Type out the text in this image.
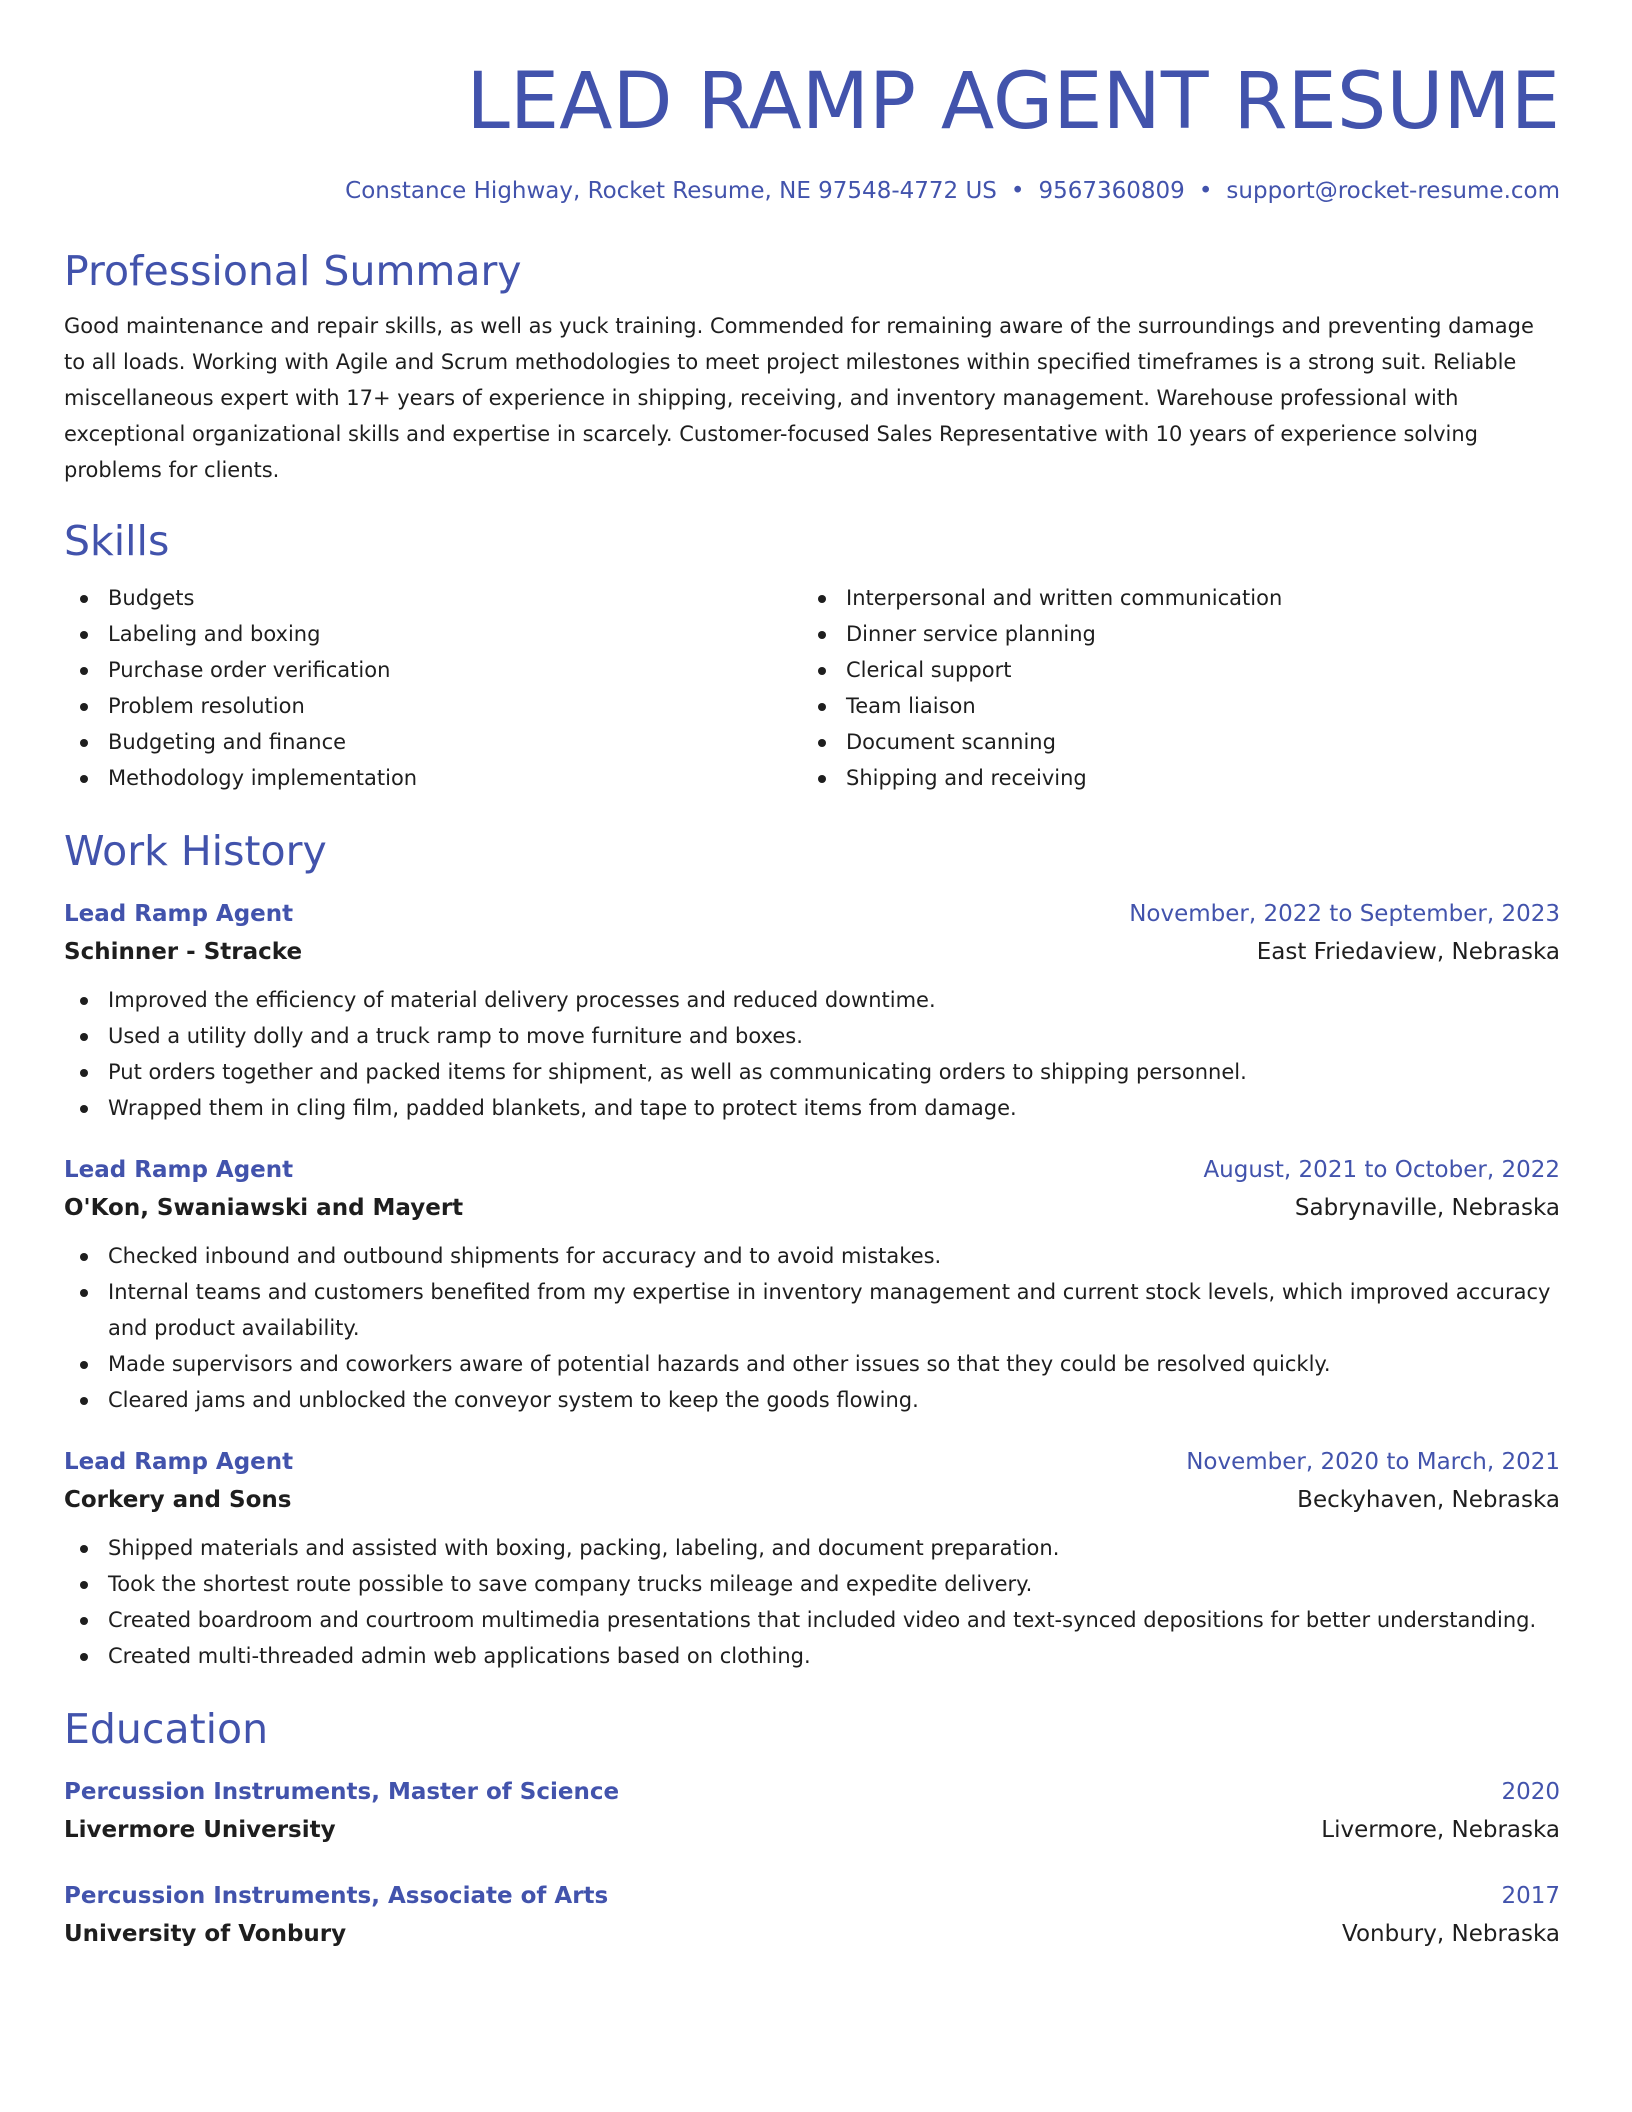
LEAD RAMP AGENT RESUME
Constance Highway, Rocket Resume, NE 97548-4772 US • 9567360809 • support@rocket-resume.com
Professional Summary
Good maintenance and repair skills, as well as yuck training. Commended for remaining aware of the surroundings and preventing damage to all loads. Working with Agile and Scrum methodologies to meet project milestones within specified timeframes is a strong suit. Reliable miscellaneous expert with 17+ years of experience in shipping, receiving, and inventory management. Warehouse professional with exceptional organizational skills and expertise in scarcely. Customer-focused Sales Representative with 10 years of experience solving problems for clients.
Skills
Budgets
Labeling and boxing
Purchase order verification
Problem resolution
Budgeting and finance
Methodology implementation
Interpersonal and written communication
Dinner service planning
Clerical support
Team liaison
Document scanning
Shipping and receiving
Work History
Lead Ramp Agent	November, 2022 to September, 2023
Schinner - Stracke	East Friedaview, Nebraska
Improved the efficiency of material delivery processes and reduced downtime.
Used a utility dolly and a truck ramp to move furniture and boxes.
Put orders together and packed items for shipment, as well as communicating orders to shipping personnel.
Wrapped them in cling film, padded blankets, and tape to protect items from damage.
Lead Ramp Agent	August, 2021 to October, 2022
O'Kon, Swaniawski and Mayert	Sabrynaville, Nebraska
Checked inbound and outbound shipments for accuracy and to avoid mistakes.
Internal teams and customers benefited from my expertise in inventory management and current stock levels, which improved accuracy and product availability.
Made supervisors and coworkers aware of potential hazards and other issues so that they could be resolved quickly.
Cleared jams and unblocked the conveyor system to keep the goods flowing.
Lead Ramp Agent	November, 2020 to March, 2021
Corkery and Sons	Beckyhaven, Nebraska
Shipped materials and assisted with boxing, packing, labeling, and document preparation.
Took the shortest route possible to save company trucks mileage and expedite delivery.
Created boardroom and courtroom multimedia presentations that included video and text-synced depositions for better understanding.
Created multi-threaded admin web applications based on clothing.
Education
Percussion Instruments, Master of Science	2020
Livermore University	Livermore, Nebraska
Percussion Instruments, Associate of Arts	2017
University of Vonbury	Vonbury, Nebraska
